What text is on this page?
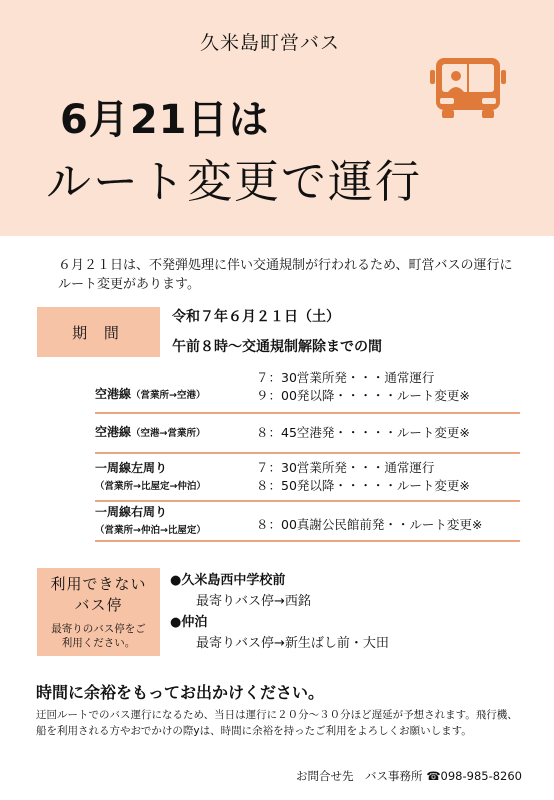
久米島町営バス
6月21日は
ルート変更で運行
６月２１日は、不発弾処理に伴い交通規制が行われるため、町営バスの運行にルート変更があります。
期 間
令和７年６月２１日（土）
午前８時～交通規制解除までの間
空港線（営業所→空港）
７：30営業所発・・・通常運行
９：00発以降・・・・・ルート変更※
空港線（空港→営業所）	８：45空港発・・・・・ルート変更※
一周線左周り
（営業所→比屋定→仲泊）
７：30営業所発・・・通常運行
８：50発以降・・・・・ルート変更※
一周線右周り
（営業所→仲泊→比屋定）	８：00真謝公民館前発・・ルート変更※
利用できない
バス停
最寄りのバス停をご利用ください。
●久米島西中学校前
最寄りバス停→西銘
●仲泊
最寄りバス停→新生ばし前・大田
時間に余裕をもってお出かけください。
迂回ルートでのバス運行になるため、当日は運行に２０分～３０分ほど遅延が予想されます。飛行機、船を利用される方やおでかけの際yは、時間に余裕を持ったご利用をよろしくお願いします。
お問合せ先　バス事務所 ☎098-985-8260
